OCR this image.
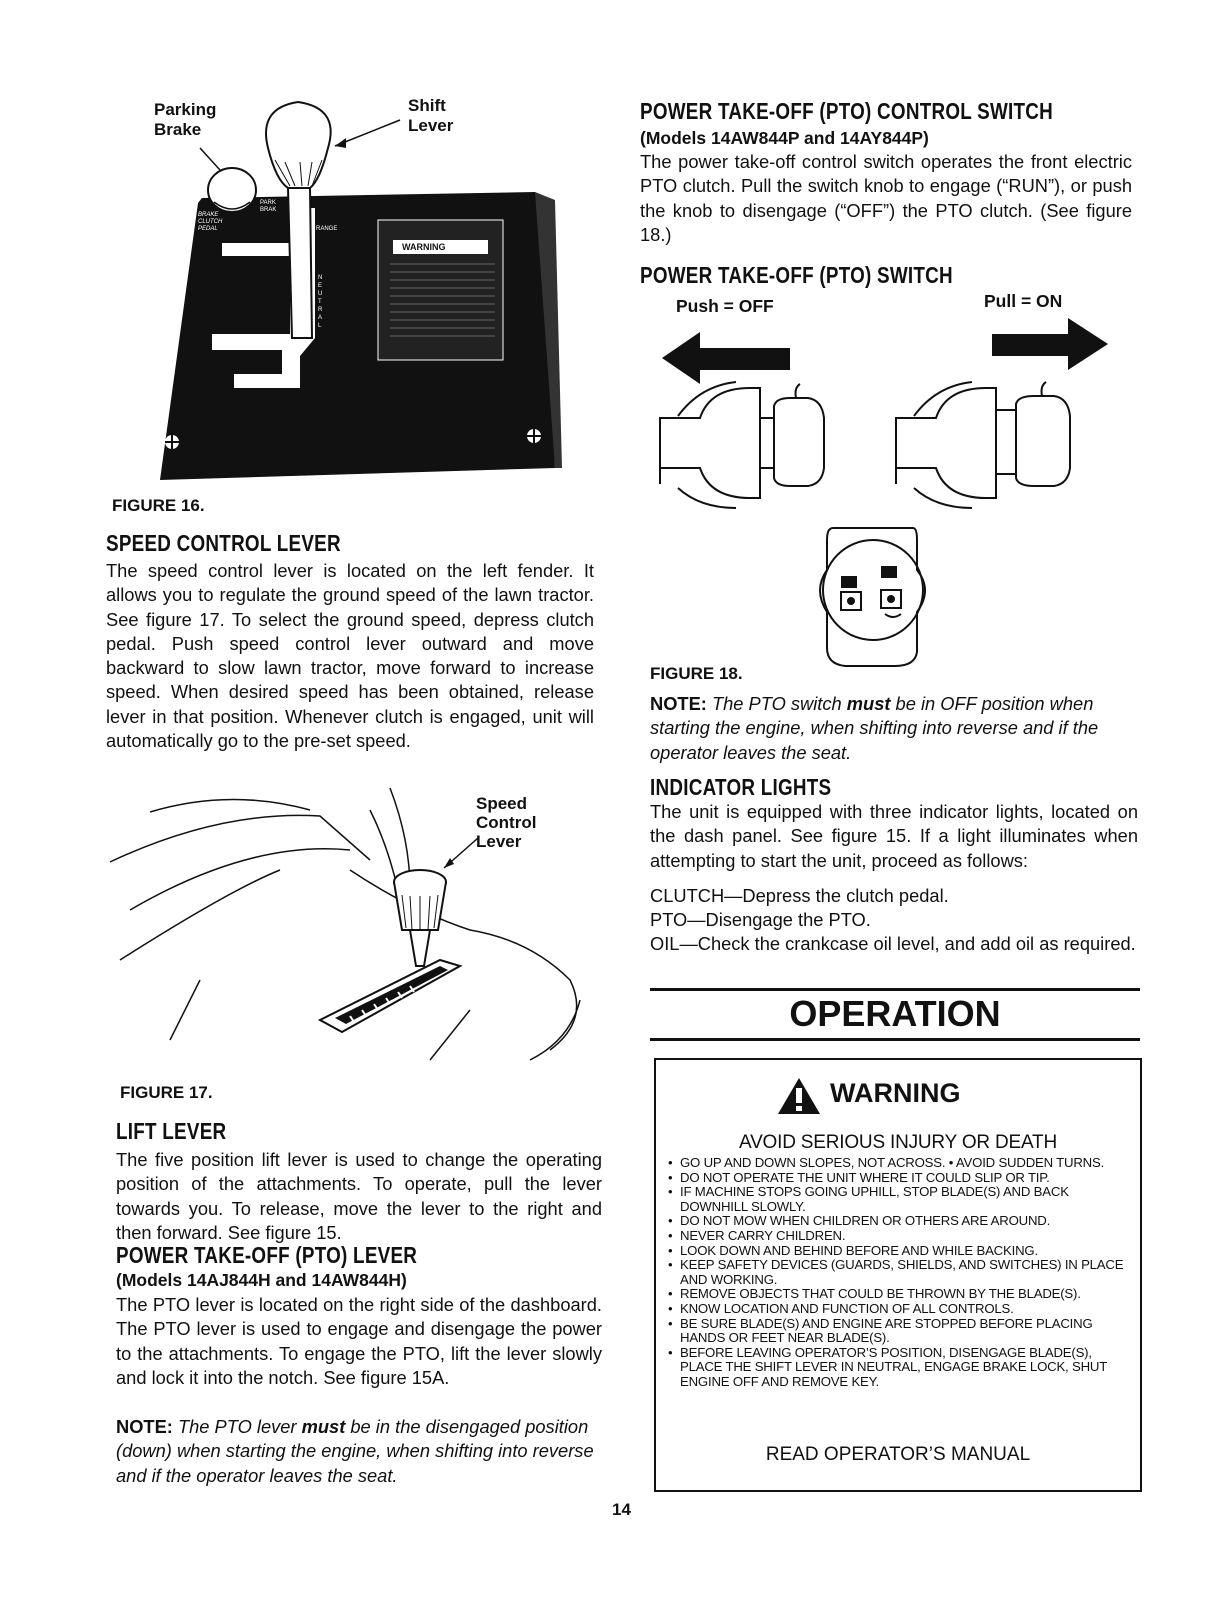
Parking
Brake
Shift
Lever
BRAKE
CLUTCH
PEDAL
PARK
BRAK
RANGE
HIGH RANGE
REVERSE
N
E
U
T
R
A
L
WARNING
FIGURE 16.
SPEED CONTROL LEVER
The speed control lever is located on the left fender. It allows you to regulate the ground speed of the lawn tractor. See figure 17. To select the ground speed, depress clutch pedal. Push speed control lever outward and move backward to slow lawn tractor, move forward to increase speed. When desired speed has been obtained, release lever in that position. Whenever clutch is engaged, unit will automatically go to the pre-set speed.
Speed
Control
Lever
FIGURE 17.
LIFT LEVER
The five position lift lever is used to change the operating position of the attachments. To operate, pull the lever towards you. To release, move the lever to the right and then forward. See figure 15.
POWER TAKE-OFF (PTO) LEVER
(Models 14AJ844H and 14AW844H)
The PTO lever is located on the right side of the dashboard. The PTO lever is used to engage and disengage the power to the attachments. To engage the PTO, lift the lever slowly and lock it into the notch. See figure 15A.
NOTE: The PTO lever must be in the disengaged position (down) when starting the engine, when shifting into reverse and if the operator leaves the seat.
14
POWER TAKE-OFF (PTO) CONTROL SWITCH
(Models 14AW844P and 14AY844P)
The power take-off control switch operates the front electric PTO clutch. Pull the switch knob to engage (“RUN”), or push the knob to disengage (“OFF”) the PTO clutch. (See figure 18.)
POWER TAKE-OFF (PTO) SWITCH
Push = OFF	Pull = ON
FIGURE 18.
NOTE: The PTO switch must be in OFF position when starting the engine, when shifting into reverse and if the operator leaves the seat.
INDICATOR LIGHTS
The unit is equipped with three indicator lights, located on the dash panel. See figure 15. If a light illuminates when attempting to start the unit, proceed as follows:
CLUTCH—Depress the clutch pedal.
PTO—Disengage the PTO.
OIL—Check the crankcase oil level, and add oil as required.
OPERATION
WARNING
AVOID SERIOUS INJURY OR DEATH
• GO UP AND DOWN SLOPES, NOT ACROSS. • AVOID SUDDEN TURNS.
• DO NOT OPERATE THE UNIT WHERE IT COULD SLIP OR TIP.
• IF MACHINE STOPS GOING UPHILL, STOP BLADE(S) AND BACK DOWNHILL SLOWLY.
• DO NOT MOW WHEN CHILDREN OR OTHERS ARE AROUND.
• NEVER CARRY CHILDREN.
• LOOK DOWN AND BEHIND BEFORE AND WHILE BACKING.
• KEEP SAFETY DEVICES (GUARDS, SHIELDS, AND SWITCHES) IN PLACE AND WORKING.
• REMOVE OBJECTS THAT COULD BE THROWN BY THE BLADE(S).
• KNOW LOCATION AND FUNCTION OF ALL CONTROLS.
• BE SURE BLADE(S) AND ENGINE ARE STOPPED BEFORE PLACING HANDS OR FEET NEAR BLADE(S).
• BEFORE LEAVING OPERATOR’S POSITION, DISENGAGE BLADE(S), PLACE THE SHIFT LEVER IN NEUTRAL, ENGAGE BRAKE LOCK, SHUT ENGINE OFF AND REMOVE KEY.
READ OPERATOR’S MANUAL
